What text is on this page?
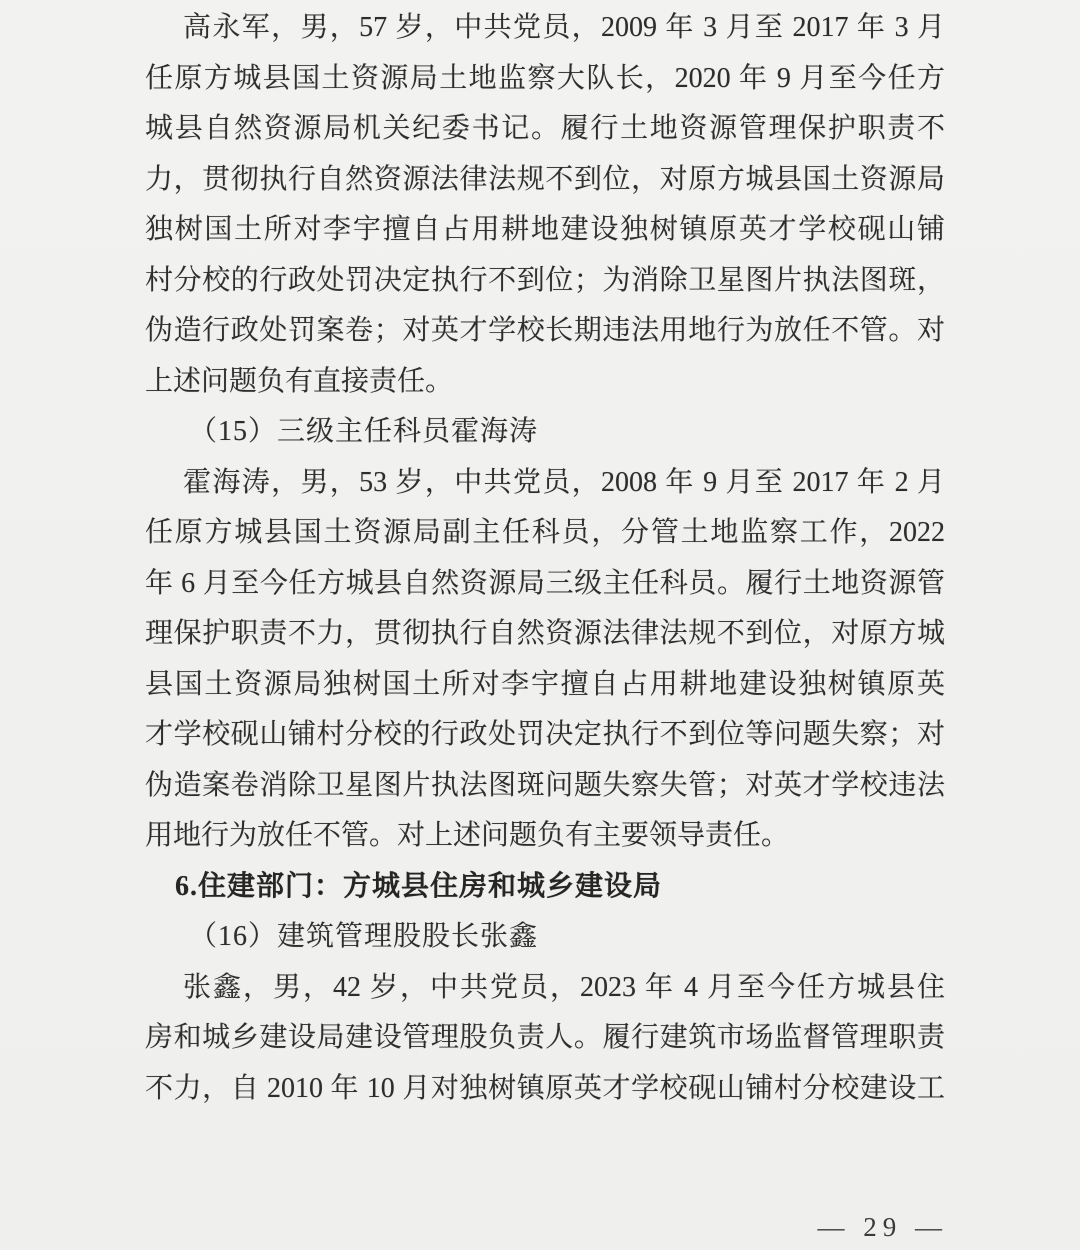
高永军，男，57 岁，中共党员，2009 年 3 月至 2017 年 3 月
任原方城县国土资源局土地监察大队长，2020 年 9 月至今任方
城县自然资源局机关纪委书记。履行土地资源管理保护职责不
力，贯彻执行自然资源法律法规不到位，对原方城县国土资源局
独树国土所对李宇擅自占用耕地建设独树镇原英才学校砚山铺
村分校的行政处罚决定执行不到位；为消除卫星图片执法图斑，
伪造行政处罚案卷；对英才学校长期违法用地行为放任不管。对
上述问题负有直接责任。
（15）三级主任科员霍海涛
霍海涛，男，53 岁，中共党员，2008 年 9 月至 2017 年 2 月
任原方城县国土资源局副主任科员，分管土地监察工作，2022
年 6 月至今任方城县自然资源局三级主任科员。履行土地资源管
理保护职责不力，贯彻执行自然资源法律法规不到位，对原方城
县国土资源局独树国土所对李宇擅自占用耕地建设独树镇原英
才学校砚山铺村分校的行政处罚决定执行不到位等问题失察；对
伪造案卷消除卫星图片执法图斑问题失察失管；对英才学校违法
用地行为放任不管。对上述问题负有主要领导责任。
6.住建部门：方城县住房和城乡建设局
（16）建筑管理股股长张鑫
张鑫，男，42 岁，中共党员，2023 年 4 月至今任方城县住
房和城乡建设局建设管理股负责人。履行建筑市场监督管理职责
不力，自 2010 年 10 月对独树镇原英才学校砚山铺村分校建设工
— 29 —
